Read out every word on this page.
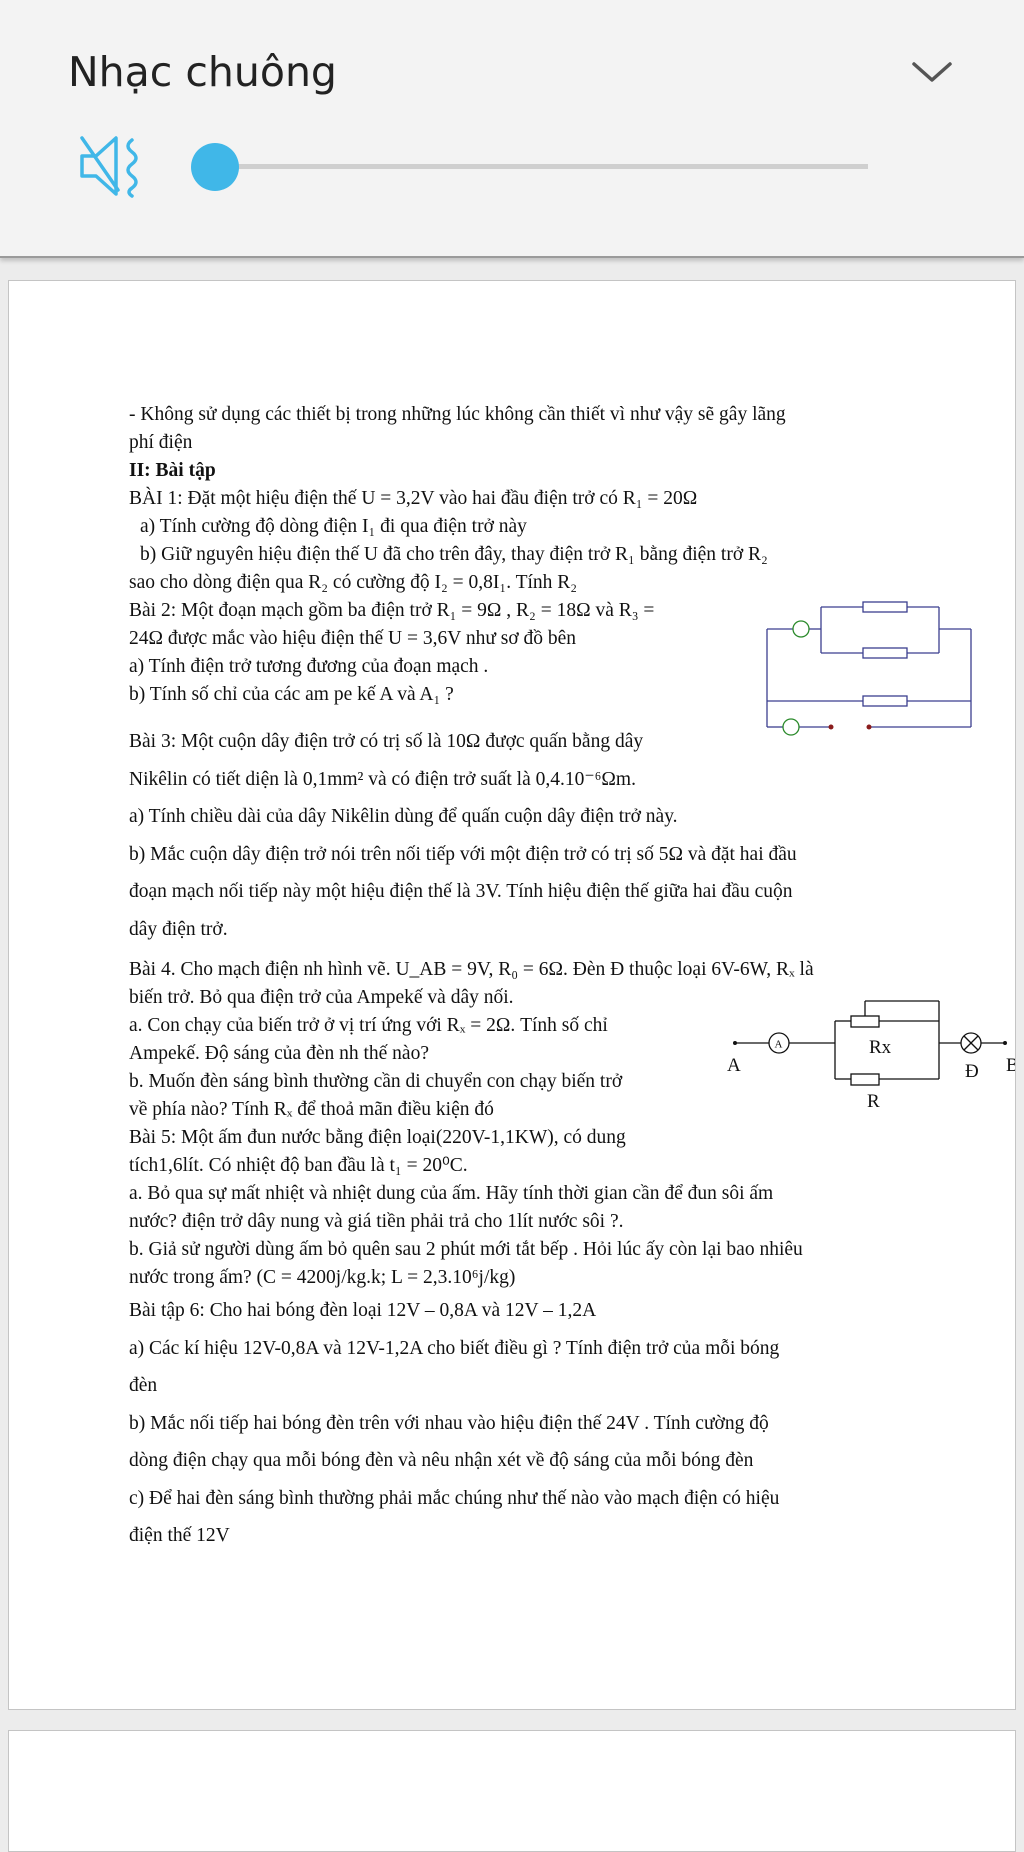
Nhạc chuông

- Không sử dụng các thiết bị trong những lúc không cần thiết vì như vậy sẽ gây lãng

phí điện

II: Bài tập

BÀI 1: Đặt một hiệu điện thế U = 3,2V vào hai đầu điện trở có R₁ = 20Ω

a) Tính cường độ dòng điện I₁ đi qua điện trở này

b) Giữ nguyên hiệu điện thế U đã cho trên đây, thay điện trở R₁ bằng điện trở R₂

sao cho dòng điện qua R₂ có cường độ I₂ = 0,8I₁. Tính R₂

Bài 2: Một đoạn mạch gồm ba điện trở R₁ = 9Ω , R₂ = 18Ω và R₃ =

24Ω được mắc vào hiệu điện thế U = 3,6V như sơ đồ bên

a) Tính điện trở tương đương của đoạn mạch .

b) Tính số chỉ của các am pe kế A và A₁ ?

Bài 3: Một cuộn dây điện trở có trị số là 10Ω được quấn bằng dây

Nikêlin có tiết diện là 0,1mm² và có điện trở suất là 0,4.10⁻⁶Ωm.

a) Tính chiều dài của dây Nikêlin dùng để quấn cuộn dây điện trở này.

b) Mắc cuộn dây điện trở nói trên nối tiếp với một điện trở có trị số 5Ω và đặt hai đầu

đoạn mạch nối tiếp này một hiệu điện thế là 3V. Tính hiệu điện thế giữa hai đầu cuộn

dây điện trở.

Bài 4. Cho mạch điện nh hình vẽ. U_AB = 9V, R₀ = 6Ω. Đèn Đ thuộc loại 6V-6W, Rₓ là

biến trở. Bỏ qua điện trở của Ampekế và dây nối.

a. Con chạy của biến trở ở vị trí ứng với Rₓ = 2Ω. Tính số chỉ

Ampekế. Độ sáng của đèn nh thế nào?

b. Muốn đèn sáng bình thường cần di chuyển con chạy biến trở

về phía nào? Tính Rₓ để thoả mãn điều kiện đó

Bài 5: Một ấm đun nước bằng điện loại(220V-1,1KW), có dung

tích1,6lít. Có nhiệt độ ban đầu là t₁ = 20⁰C.

a. Bỏ qua sự mất nhiệt và nhiệt dung của ấm. Hãy tính thời gian cần để đun sôi ấm

nước? điện trở dây nung và giá tiền phải trả cho 1lít nước sôi ?.

b. Giả sử người dùng ấm bỏ quên sau 2 phút mới tắt bếp . Hỏi lúc ấy còn lại bao nhiêu

nước trong ấm? (C = 4200j/kg.k; L = 2,3.10⁶j/kg)

Bài tập 6: Cho hai bóng đèn loại 12V – 0,8A và 12V – 1,2A

a) Các kí hiệu 12V-0,8A và 12V-1,2A cho biết điều gì ? Tính điện trở của mỗi bóng

đèn

b) Mắc nối tiếp hai bóng đèn trên với nhau vào hiệu điện thế 24V . Tính cường độ

dòng điện chạy qua mỗi bóng đèn và nêu nhận xét về độ sáng của mỗi bóng đèn

c) Để hai đèn sáng bình thường phải mắc chúng như thế nào vào mạch điện có hiệu

điện thế 12V

A
A	B
Đ
Rx
R
